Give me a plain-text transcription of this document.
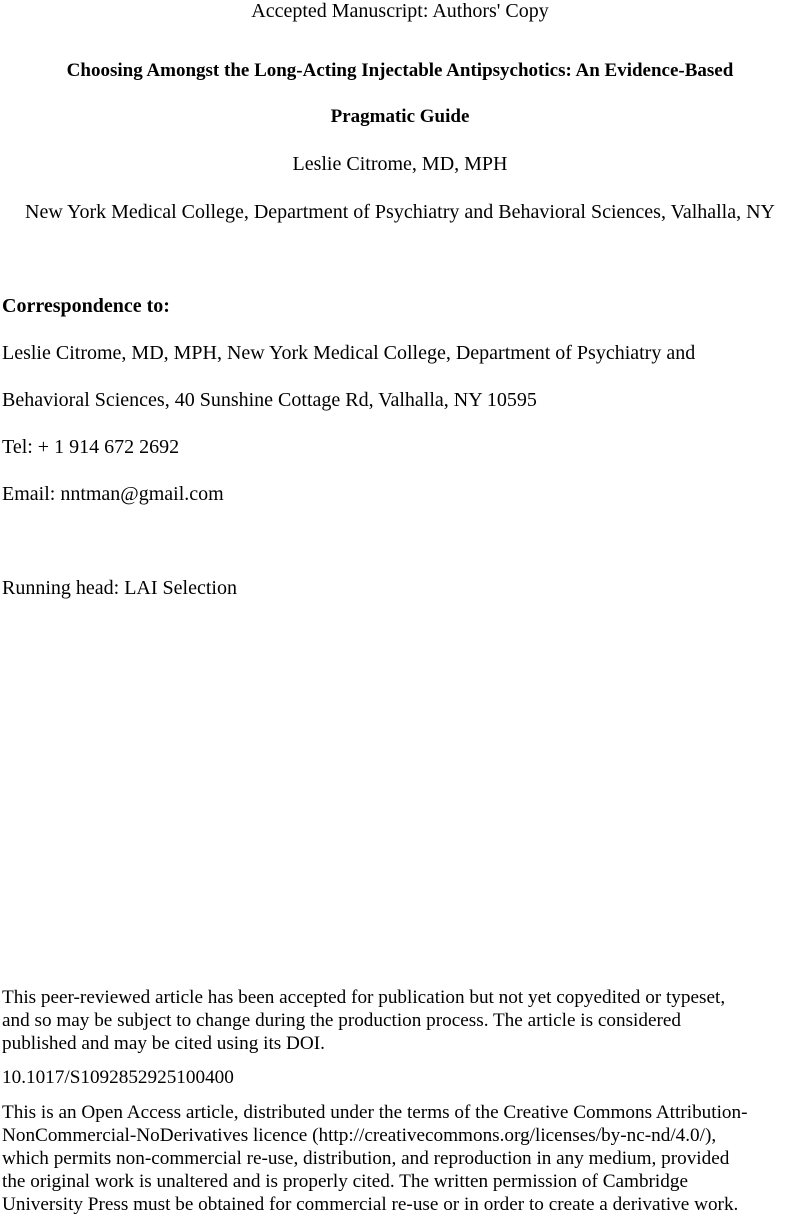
Accepted Manuscript: Authors' Copy
Choosing Amongst the Long-Acting Injectable Antipsychotics: An Evidence-Based
Pragmatic Guide
Leslie Citrome, MD, MPH
New York Medical College, Department of Psychiatry and Behavioral Sciences, Valhalla, NY
Correspondence to:
Leslie Citrome, MD, MPH, New York Medical College, Department of Psychiatry and
Behavioral Sciences, 40 Sunshine Cottage Rd, Valhalla, NY 10595
Tel: + 1 914 672 2692
Email: nntman@gmail.com
Running head: LAI Selection
This peer-reviewed article has been accepted for publication but not yet copyedited or typeset,
and so may be subject to change during the production process. The article is considered
published and may be cited using its DOI.
10.1017/S1092852925100400
This is an Open Access article, distributed under the terms of the Creative Commons Attribution-
NonCommercial-NoDerivatives licence (http://creativecommons.org/licenses/by-nc-nd/4.0/),
which permits non-commercial re-use, distribution, and reproduction in any medium, provided
the original work is unaltered and is properly cited. The written permission of Cambridge
University Press must be obtained for commercial re-use or in order to create a derivative work.
